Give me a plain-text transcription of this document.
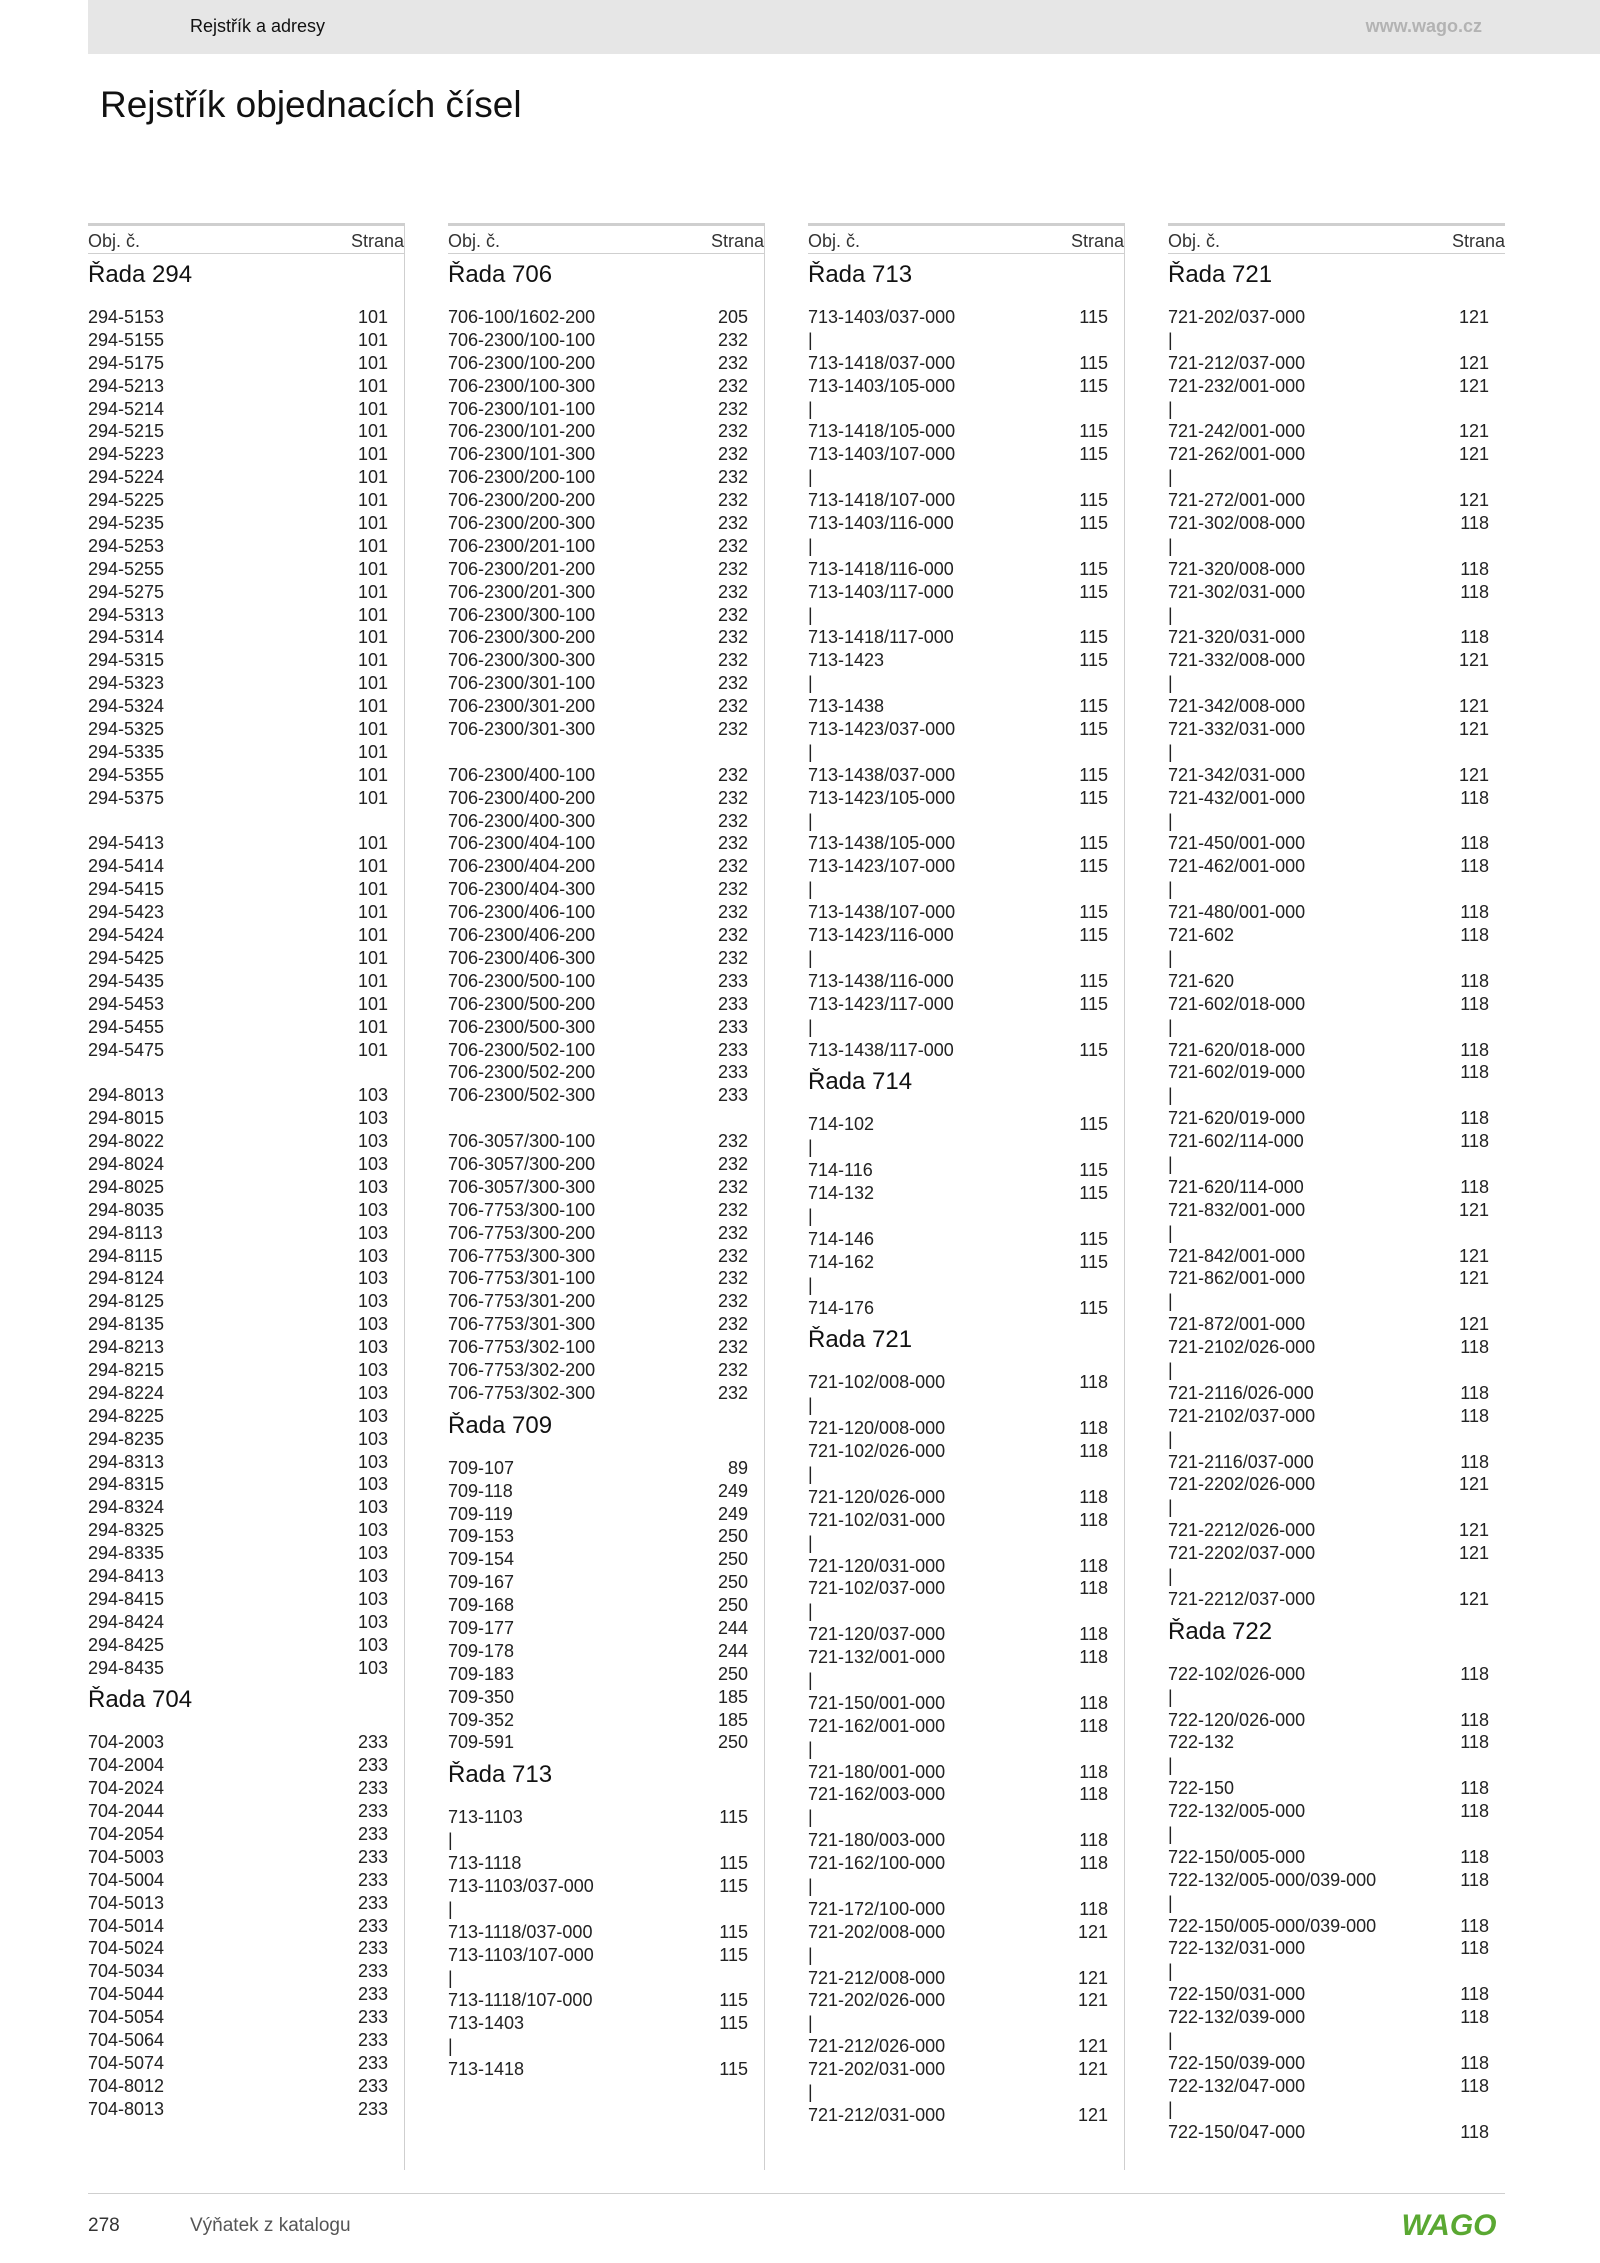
Rejstřík a adresy	www.wago.cz
Rejstřík objednacích čísel
Obj. č.	Strana
Řada 294
294-5153	101
294-5155	101
294-5175	101
294-5213	101
294-5214	101
294-5215	101
294-5223	101
294-5224	101
294-5225	101
294-5235	101
294-5253	101
294-5255	101
294-5275	101
294-5313	101
294-5314	101
294-5315	101
294-5323	101
294-5324	101
294-5325	101
294-5335	101
294-5355	101
294-5375	101
294-5413	101
294-5414	101
294-5415	101
294-5423	101
294-5424	101
294-5425	101
294-5435	101
294-5453	101
294-5455	101
294-5475	101
294-8013	103
294-8015	103
294-8022	103
294-8024	103
294-8025	103
294-8035	103
294-8113	103
294-8115	103
294-8124	103
294-8125	103
294-8135	103
294-8213	103
294-8215	103
294-8224	103
294-8225	103
294-8235	103
294-8313	103
294-8315	103
294-8324	103
294-8325	103
294-8335	103
294-8413	103
294-8415	103
294-8424	103
294-8425	103
294-8435	103
Řada 704
704-2003	233
704-2004	233
704-2024	233
704-2044	233
704-2054	233
704-5003	233
704-5004	233
704-5013	233
704-5014	233
704-5024	233
704-5034	233
704-5044	233
704-5054	233
704-5064	233
704-5074	233
704-8012	233
704-8013	233
Obj. č.	Strana
Řada 706
706-100/1602-200	205
706-2300/100-100	232
706-2300/100-200	232
706-2300/100-300	232
706-2300/101-100	232
706-2300/101-200	232
706-2300/101-300	232
706-2300/200-100	232
706-2300/200-200	232
706-2300/200-300	232
706-2300/201-100	232
706-2300/201-200	232
706-2300/201-300	232
706-2300/300-100	232
706-2300/300-200	232
706-2300/300-300	232
706-2300/301-100	232
706-2300/301-200	232
706-2300/301-300	232
706-2300/400-100	232
706-2300/400-200	232
706-2300/400-300	232
706-2300/404-100	232
706-2300/404-200	232
706-2300/404-300	232
706-2300/406-100	232
706-2300/406-200	232
706-2300/406-300	232
706-2300/500-100	233
706-2300/500-200	233
706-2300/500-300	233
706-2300/502-100	233
706-2300/502-200	233
706-2300/502-300	233
706-3057/300-100	232
706-3057/300-200	232
706-3057/300-300	232
706-7753/300-100	232
706-7753/300-200	232
706-7753/300-300	232
706-7753/301-100	232
706-7753/301-200	232
706-7753/301-300	232
706-7753/302-100	232
706-7753/302-200	232
706-7753/302-300	232
Řada 709
709-107	89
709-118	249
709-119	249
709-153	250
709-154	250
709-167	250
709-168	250
709-177	244
709-178	244
709-183	250
709-350	185
709-352	185
709-591	250
Řada 713
713-1103	115
|
713-1118	115
713-1103/037-000	115
|
713-1118/037-000	115
713-1103/107-000	115
|
713-1118/107-000	115
713-1403	115
|
713-1418	115
Obj. č.	Strana
Řada 713
713-1403/037-000	115
|
713-1418/037-000	115
713-1403/105-000	115
|
713-1418/105-000	115
713-1403/107-000	115
|
713-1418/107-000	115
713-1403/116-000	115
|
713-1418/116-000	115
713-1403/117-000	115
|
713-1418/117-000	115
713-1423	115
|
713-1438	115
713-1423/037-000	115
|
713-1438/037-000	115
713-1423/105-000	115
|
713-1438/105-000	115
713-1423/107-000	115
|
713-1438/107-000	115
713-1423/116-000	115
|
713-1438/116-000	115
713-1423/117-000	115
|
713-1438/117-000	115
Řada 714
714-102	115
|
714-116	115
714-132	115
|
714-146	115
714-162	115
|
714-176	115
Řada 721
721-102/008-000	118
|
721-120/008-000	118
721-102/026-000	118
|
721-120/026-000	118
721-102/031-000	118
|
721-120/031-000	118
721-102/037-000	118
|
721-120/037-000	118
721-132/001-000	118
|
721-150/001-000	118
721-162/001-000	118
|
721-180/001-000	118
721-162/003-000	118
|
721-180/003-000	118
721-162/100-000	118
|
721-172/100-000	118
721-202/008-000	121
|
721-212/008-000	121
721-202/026-000	121
|
721-212/026-000	121
721-202/031-000	121
|
721-212/031-000	121
Obj. č.	Strana
Řada 721
721-202/037-000	121
|
721-212/037-000	121
721-232/001-000	121
|
721-242/001-000	121
721-262/001-000	121
|
721-272/001-000	121
721-302/008-000	118
|
721-320/008-000	118
721-302/031-000	118
|
721-320/031-000	118
721-332/008-000	121
|
721-342/008-000	121
721-332/031-000	121
|
721-342/031-000	121
721-432/001-000	118
|
721-450/001-000	118
721-462/001-000	118
|
721-480/001-000	118
721-602	118
|
721-620	118
721-602/018-000	118
|
721-620/018-000	118
721-602/019-000	118
|
721-620/019-000	118
721-602/114-000	118
|
721-620/114-000	118
721-832/001-000	121
|
721-842/001-000	121
721-862/001-000	121
|
721-872/001-000	121
721-2102/026-000	118
|
721-2116/026-000	118
721-2102/037-000	118
|
721-2116/037-000	118
721-2202/026-000	121
|
721-2212/026-000	121
721-2202/037-000	121
|
721-2212/037-000	121
Řada 722
722-102/026-000	118
|
722-120/026-000	118
722-132	118
|
722-150	118
722-132/005-000	118
|
722-150/005-000	118
722-132/005-000/039-000	118
|
722-150/005-000/039-000	118
722-132/031-000	118
|
722-150/031-000	118
722-132/039-000	118
|
722-150/039-000	118
722-132/047-000	118
|
722-150/047-000	118
278	Výňatek z katalogu	WAGO
